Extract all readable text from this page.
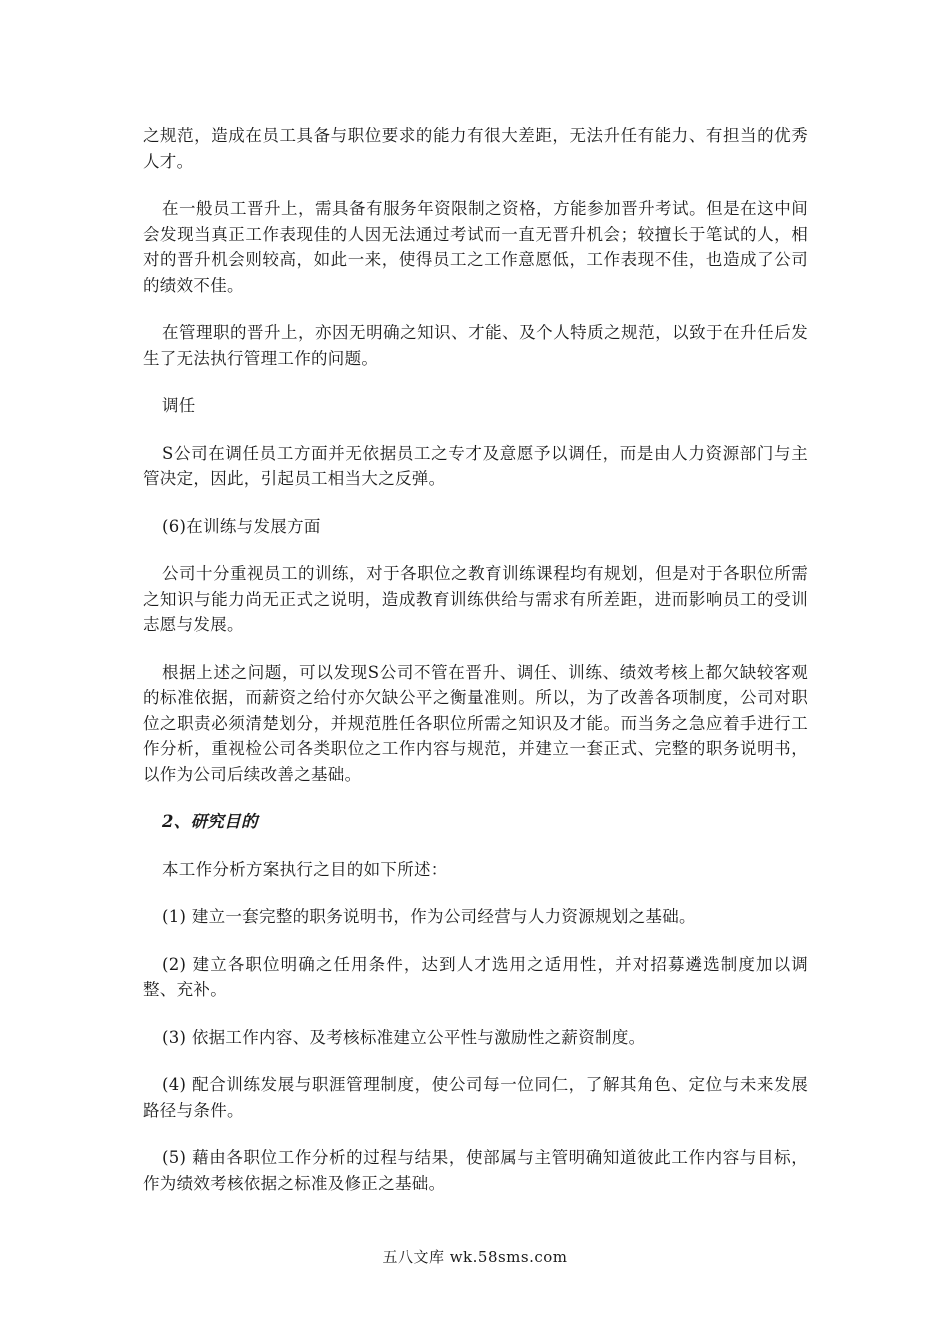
之规范，造成在员工具备与职位要求的能力有很大差距，无法升任有能力、有担当的优秀人才。

在一般员工晋升上，需具备有服务年资限制之资格，方能参加晋升考试。但是在这中间会发现当真正工作表现佳的人因无法通过考试而一直无晋升机会；较擅长于笔试的人，相对的晋升机会则较高，如此一来，使得员工之工作意愿低，工作表现不佳，也造成了公司的绩效不佳。

在管理职的晋升上，亦因无明确之知识、才能、及个人特质之规范，以致于在升任后发生了无法执行管理工作的问题。

调任

S公司在调任员工方面并无依据员工之专才及意愿予以调任，而是由人力资源部门与主管决定，因此，引起员工相当大之反弹。

(6)在训练与发展方面

公司十分重视员工的训练，对于各职位之教育训练课程均有规划，但是对于各职位所需之知识与能力尚无正式之说明，造成教育训练供给与需求有所差距，进而影响员工的受训志愿与发展。

根据上述之问题，可以发现S公司不管在晋升、调任、训练、绩效考核上都欠缺较客观的标准依据，而薪资之给付亦欠缺公平之衡量准则。所以，为了改善各项制度，公司对职位之职责必须清楚划分，并规范胜任各职位所需之知识及才能。而当务之急应着手进行工作分析，重视检公司各类职位之工作内容与规范，并建立一套正式、完整的职务说明书，以作为公司后续改善之基础。

2、研究目的

本工作分析方案执行之目的如下所述：

(1) 建立一套完整的职务说明书，作为公司经营与人力资源规划之基础。

(2) 建立各职位明确之任用条件，达到人才选用之适用性，并对招募遴选制度加以调整、充补。

(3) 依据工作内容、及考核标准建立公平性与激励性之薪资制度。

(4) 配合训练发展与职涯管理制度，使公司每一位同仁，了解其角色、定位与未来发展路径与条件。

(5) 藉由各职位工作分析的过程与结果，使部属与主管明确知道彼此工作内容与目标，作为绩效考核依据之标准及修正之基础。

五八文库 wk.58sms.com
